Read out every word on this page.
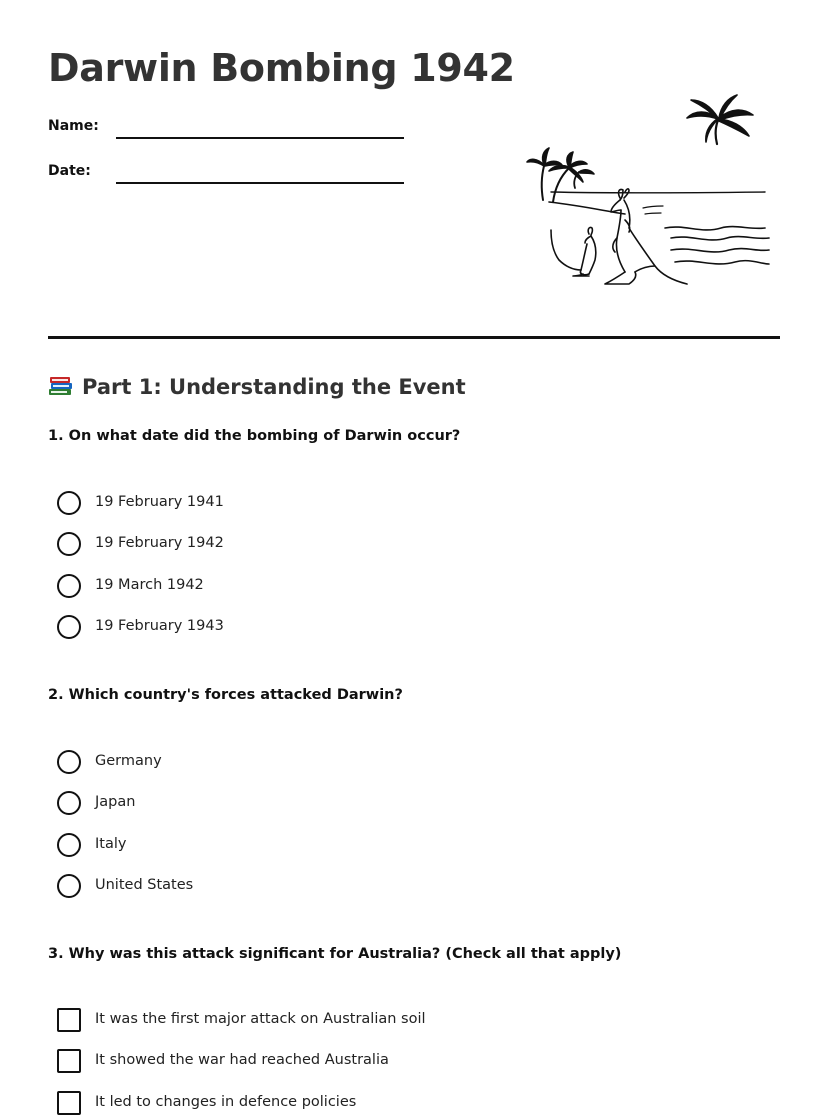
Darwin Bombing 1942
Name:
Date:
Part 1: Understanding the Event

1. On what date did the bombing of Darwin occur?

19 February 1941
19 February 1942
19 March 1942
19 February 1943

2. Which country's forces attacked Darwin?

Germany
Japan
Italy
United States

3. Why was this attack significant for Australia? (Check all that apply)

It was the first major attack on Australian soil
It showed the war had reached Australia
It led to changes in defence policies
